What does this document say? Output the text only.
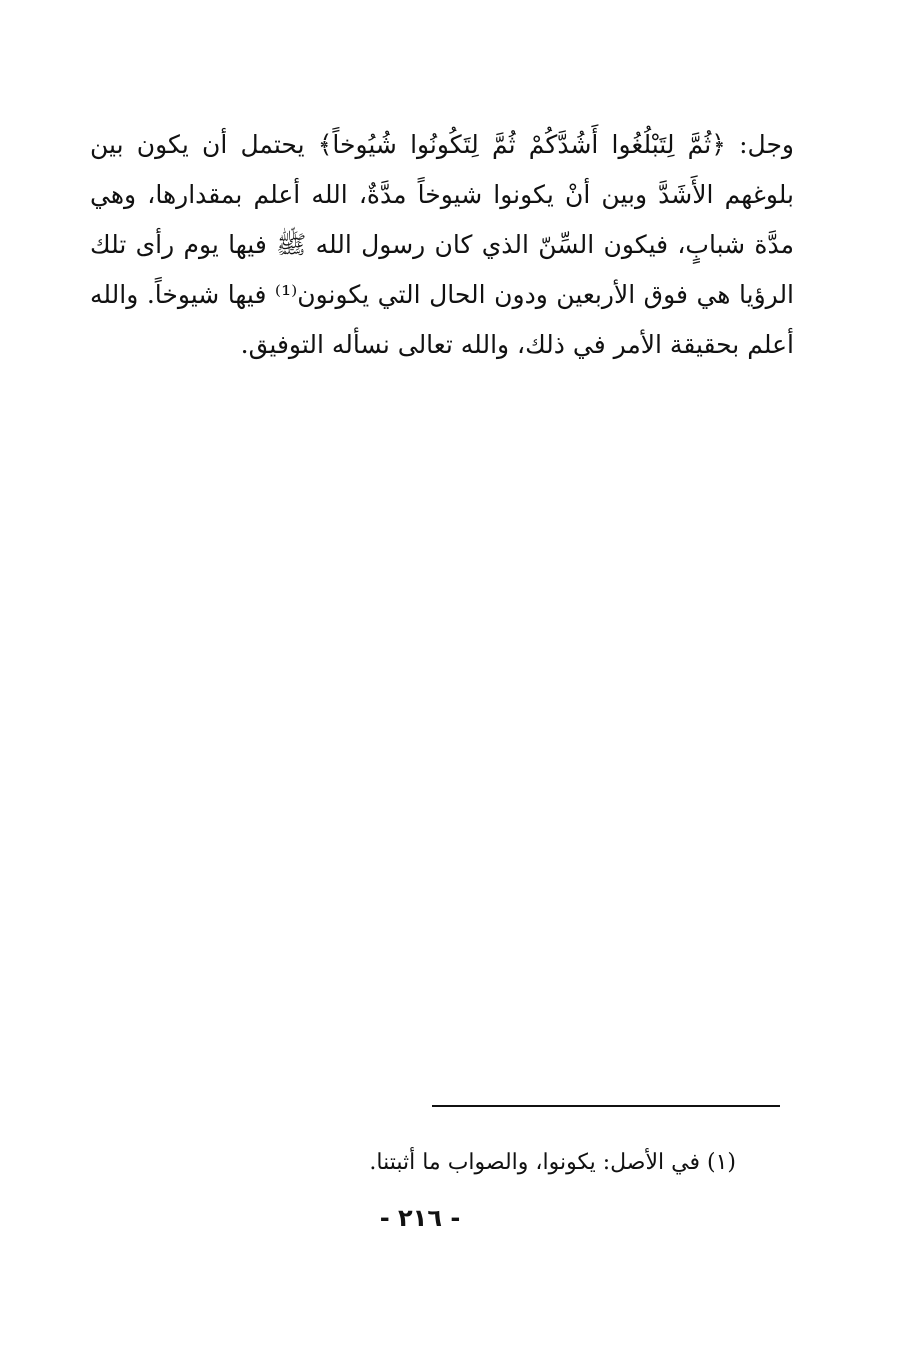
وجل: ﴿ثُمَّ لِتَبْلُغُوا أَشُدَّكُمْ ثُمَّ لِتَكُونُوا شُيُوخاً﴾ يحتمل أن يكون بين
بلوغهم الأَشَدَّ وبين أنْ يكونوا شيوخاً مدَّةٌ، الله أعلم بمقدارها، وهي
مدَّة شبابٍ، فيكون السِّنّ الذي كان رسول الله ﷺ فيها يوم رأى تلك
الرؤيا هي فوق الأربعين ودون الحال التي يكونون⁽¹⁾ فيها شيوخاً. والله
أعلم بحقيقة الأمر في ذلك، والله تعالى نسأله التوفيق.
(١) في الأصل: يكونوا، والصواب ما أثبتنا.
- ٢١٦ -
